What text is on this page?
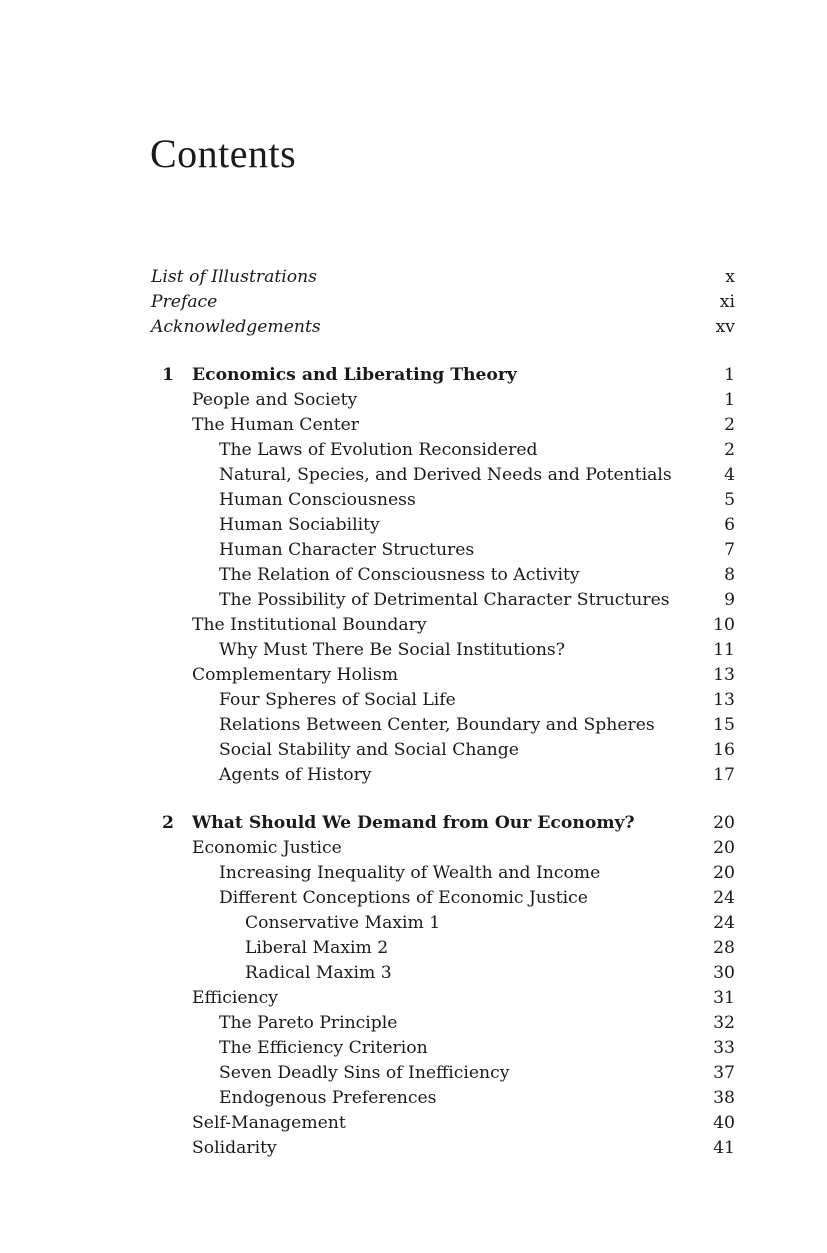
Contents
List of Illustrations	x
Preface	xi
Acknowledgements	xv
1 Economics and Liberating Theory	1
People and Society	1
The Human Center	2
The Laws of Evolution Reconsidered	2
Natural, Species, and Derived Needs and Potentials	4
Human Consciousness	5
Human Sociability	6
Human Character Structures	7
The Relation of Consciousness to Activity	8
The Possibility of Detrimental Character Structures	9
The Institutional Boundary	10
Why Must There Be Social Institutions?	11
Complementary Holism	13
Four Spheres of Social Life	13
Relations Between Center, Boundary and Spheres	15
Social Stability and Social Change	16
Agents of History	17
2 What Should We Demand from Our Economy?	20
Economic Justice	20
Increasing Inequality of Wealth and Income	20
Different Conceptions of Economic Justice	24
Conservative Maxim 1	24
Liberal Maxim 2	28
Radical Maxim 3	30
Efficiency	31
The Pareto Principle	32
The Efficiency Criterion	33
Seven Deadly Sins of Inefficiency	37
Endogenous Preferences	38
Self-Management	40
Solidarity	41
